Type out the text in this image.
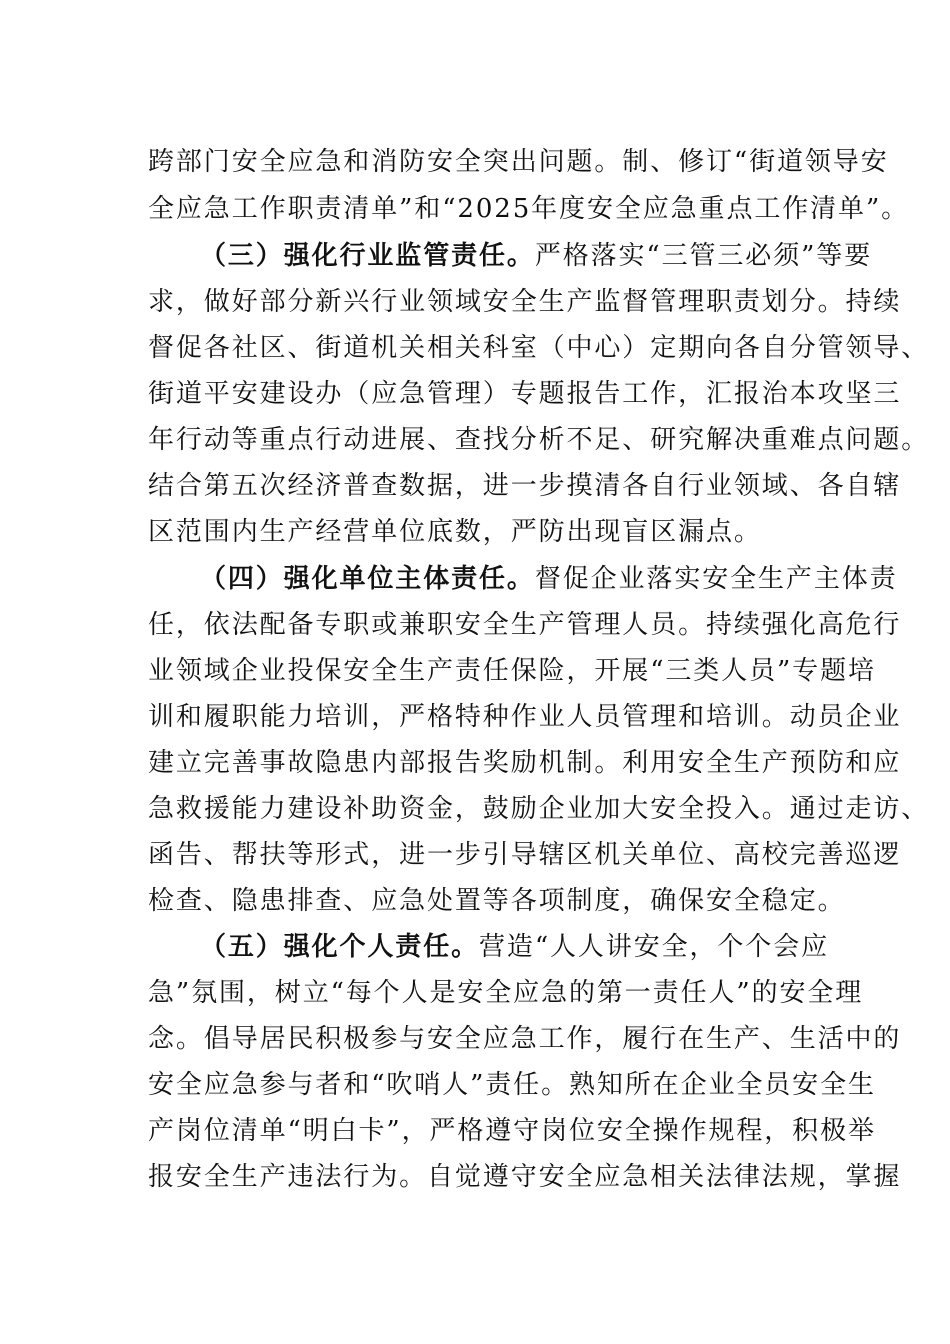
跨部门安全应急和消防安全突出问题。制、修订“街道领导安
全应急工作职责清单”和“2025年度安全应急重点工作清单”。
（三）强化行业监管责任。严格落实“三管三必须”等要
求，做好部分新兴行业领域安全生产监督管理职责划分。持续
督促各社区、街道机关相关科室（中心）定期向各自分管领导、
街道平安建设办（应急管理）专题报告工作，汇报治本攻坚三
年行动等重点行动进展、查找分析不足、研究解决重难点问题。
结合第五次经济普查数据，进一步摸清各自行业领域、各自辖
区范围内生产经营单位底数，严防出现盲区漏点。
（四）强化单位主体责任。督促企业落实安全生产主体责
任，依法配备专职或兼职安全生产管理人员。持续强化高危行
业领域企业投保安全生产责任保险，开展“三类人员”专题培
训和履职能力培训，严格特种作业人员管理和培训。动员企业
建立完善事故隐患内部报告奖励机制。利用安全生产预防和应
急救援能力建设补助资金，鼓励企业加大安全投入。通过走访、
函告、帮扶等形式，进一步引导辖区机关单位、高校完善巡逻
检查、隐患排查、应急处置等各项制度，确保安全稳定。
（五）强化个人责任。营造“人人讲安全，个个会应
急”氛围，树立“每个人是安全应急的第一责任人”的安全理
念。倡导居民积极参与安全应急工作，履行在生产、生活中的
安全应急参与者和“吹哨人”责任。熟知所在企业全员安全生
产岗位清单“明白卡”，严格遵守岗位安全操作规程，积极举
报安全生产违法行为。自觉遵守安全应急相关法律法规，掌握
